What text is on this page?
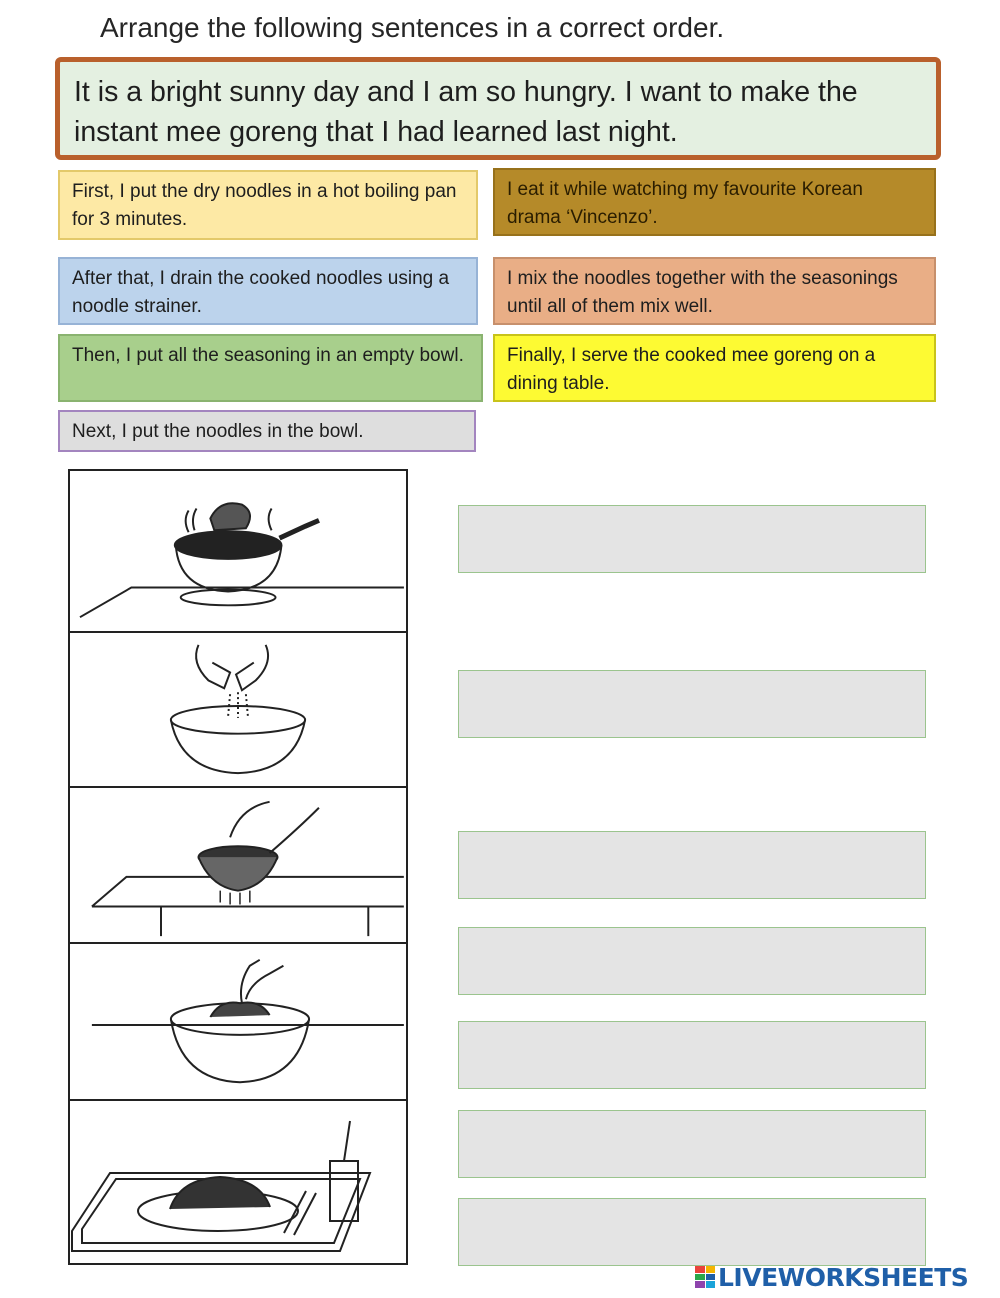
Arrange the following sentences in a correct order.
It is a bright sunny day and I am so hungry. I want to make the instant mee goreng that I had learned last night.
First, I put the dry noodles in a hot boiling pan for 3 minutes.
I eat it while watching my favourite Korean drama ‘Vincenzo’.
After that, I drain the cooked noodles using a noodle strainer.
I mix the noodles together with the seasonings until all of them mix well.
Then, I put all the seasoning in an empty bowl.	Finally, I serve the cooked mee goreng on a dining table.
Next, I put the noodles in the bowl.
LIVEWORKSHEETS
